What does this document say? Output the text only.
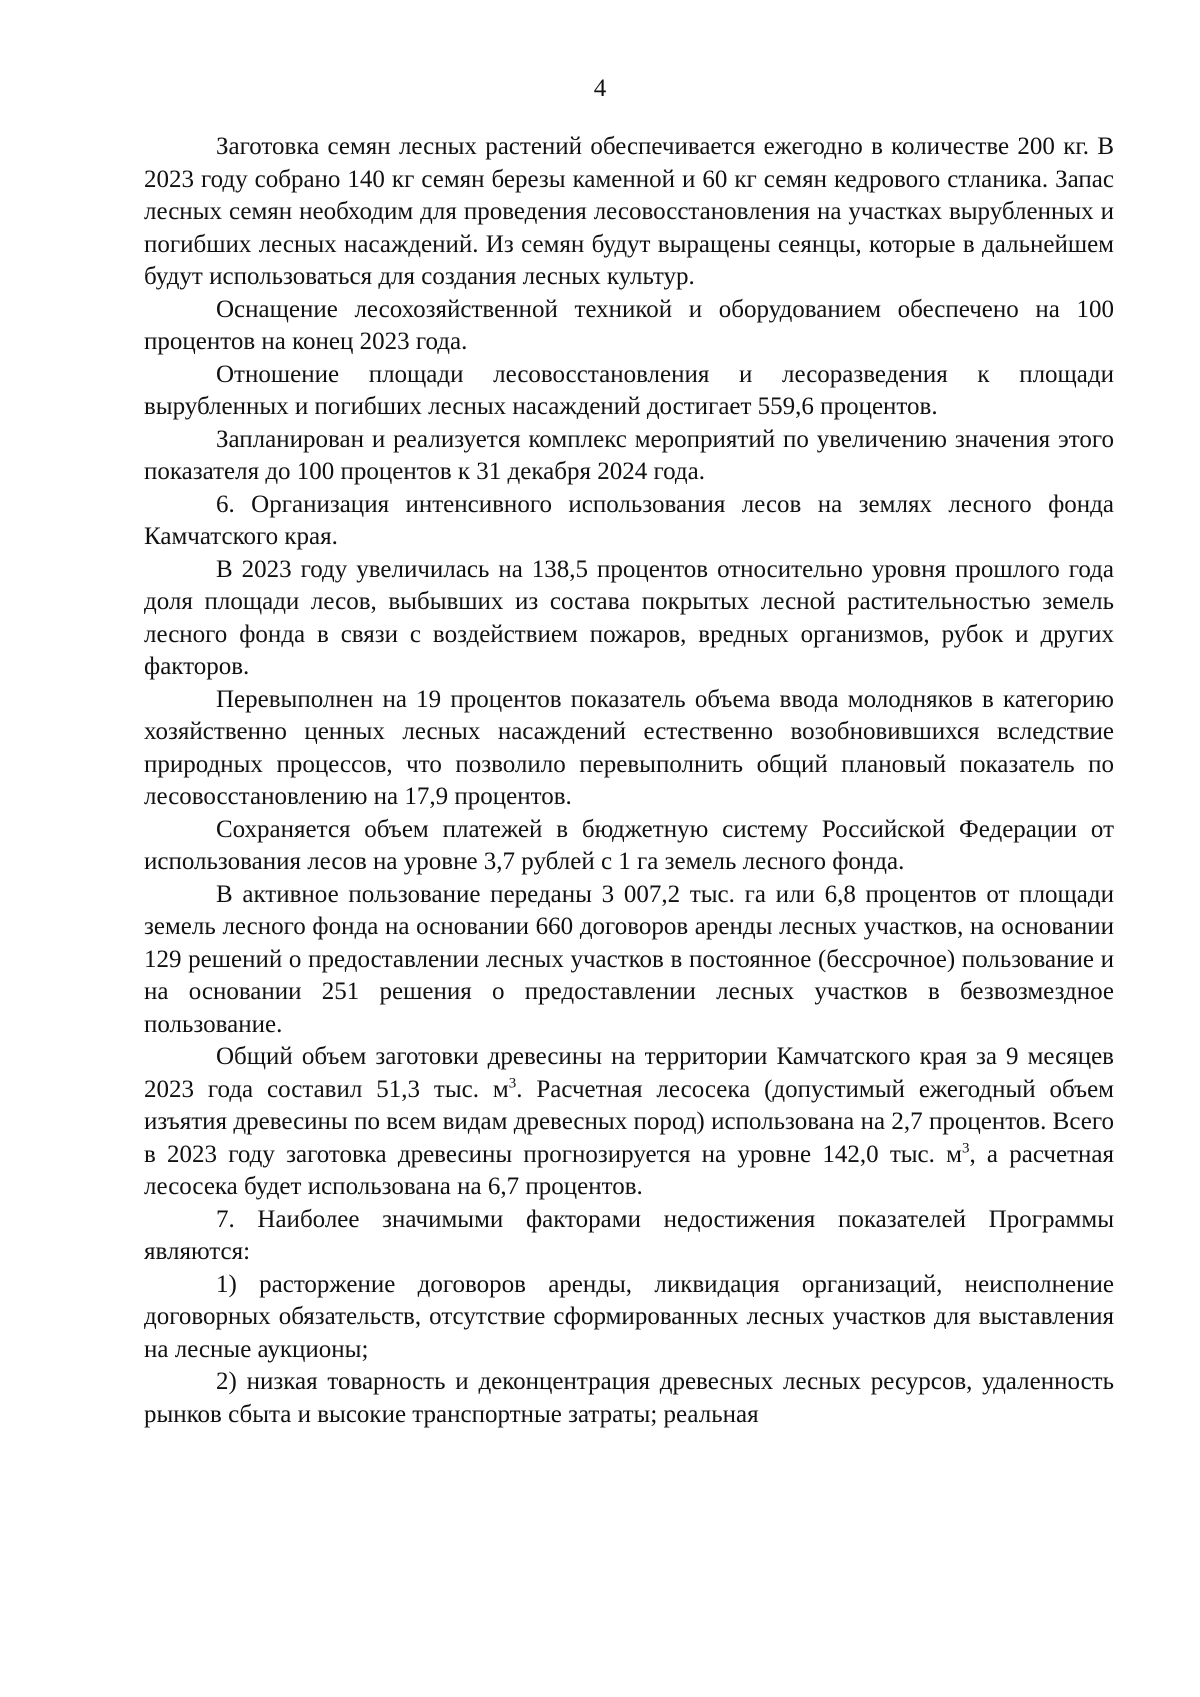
4

Заготовка семян лесных растений обеспечивается ежегодно в количестве 200 кг. В 2023 году собрано 140 кг семян березы каменной и 60 кг семян кедрового стланика. Запас лесных семян необходим для проведения лесовосстановления на участках вырубленных и погибших лесных насаждений. Из семян будут выращены сеянцы, которые в дальнейшем будут использоваться для создания лесных культур.

Оснащение лесохозяйственной техникой и оборудованием обеспечено на 100 процентов на конец 2023 года.

Отношение площади лесовосстановления и лесоразведения к площади вырубленных и погибших лесных насаждений достигает 559,6 процентов.

Запланирован и реализуется комплекс мероприятий по увеличению значения этого показателя до 100 процентов к 31 декабря 2024 года.

6. Организация интенсивного использования лесов на землях лесного фонда Камчатского края.

В 2023 году увеличилась на 138,5 процентов относительно уровня прошлого года доля площади лесов, выбывших из состава покрытых лесной растительностью земель лесного фонда в связи с воздействием пожаров, вредных организмов, рубок и других факторов.

Перевыполнен на 19 процентов показатель объема ввода молодняков в категорию хозяйственно ценных лесных насаждений естественно возобновившихся вследствие природных процессов, что позволило перевыполнить общий плановый показатель по лесовосстановлению на 17,9 процентов.

Сохраняется объем платежей в бюджетную систему Российской Федерации от использования лесов на уровне 3,7 рублей с 1 га земель лесного фонда.

В активное пользование переданы 3 007,2 тыс. га или 6,8 процентов от площади земель лесного фонда на основании 660 договоров аренды лесных участков, на основании 129 решений о предоставлении лесных участков в постоянное (бессрочное) пользование и на основании 251 решения о предоставлении лесных участков в безвозмездное пользование.

Общий объем заготовки древесины на территории Камчатского края за 9 месяцев 2023 года составил 51,3 тыс. $м^3$. Расчетная лесосека (допустимый ежегодный объем изъятия древесины по всем видам древесных пород) использована на 2,7 процентов. Всего в 2023 году заготовка древесины прогнозируется на уровне 142,0 тыс. $м^3$, а расчетная лесосека будет использована на 6,7 процентов.

7. Наиболее значимыми факторами недостижения показателей Программы являются:

1) расторжение договоров аренды, ликвидация организаций, неисполнение договорных обязательств, отсутствие сформированных лесных участков для выставления на лесные аукционы;

2) низкая товарность и деконцентрация древесных лесных ресурсов, удаленность рынков сбыта и высокие транспортные затраты; реальная
